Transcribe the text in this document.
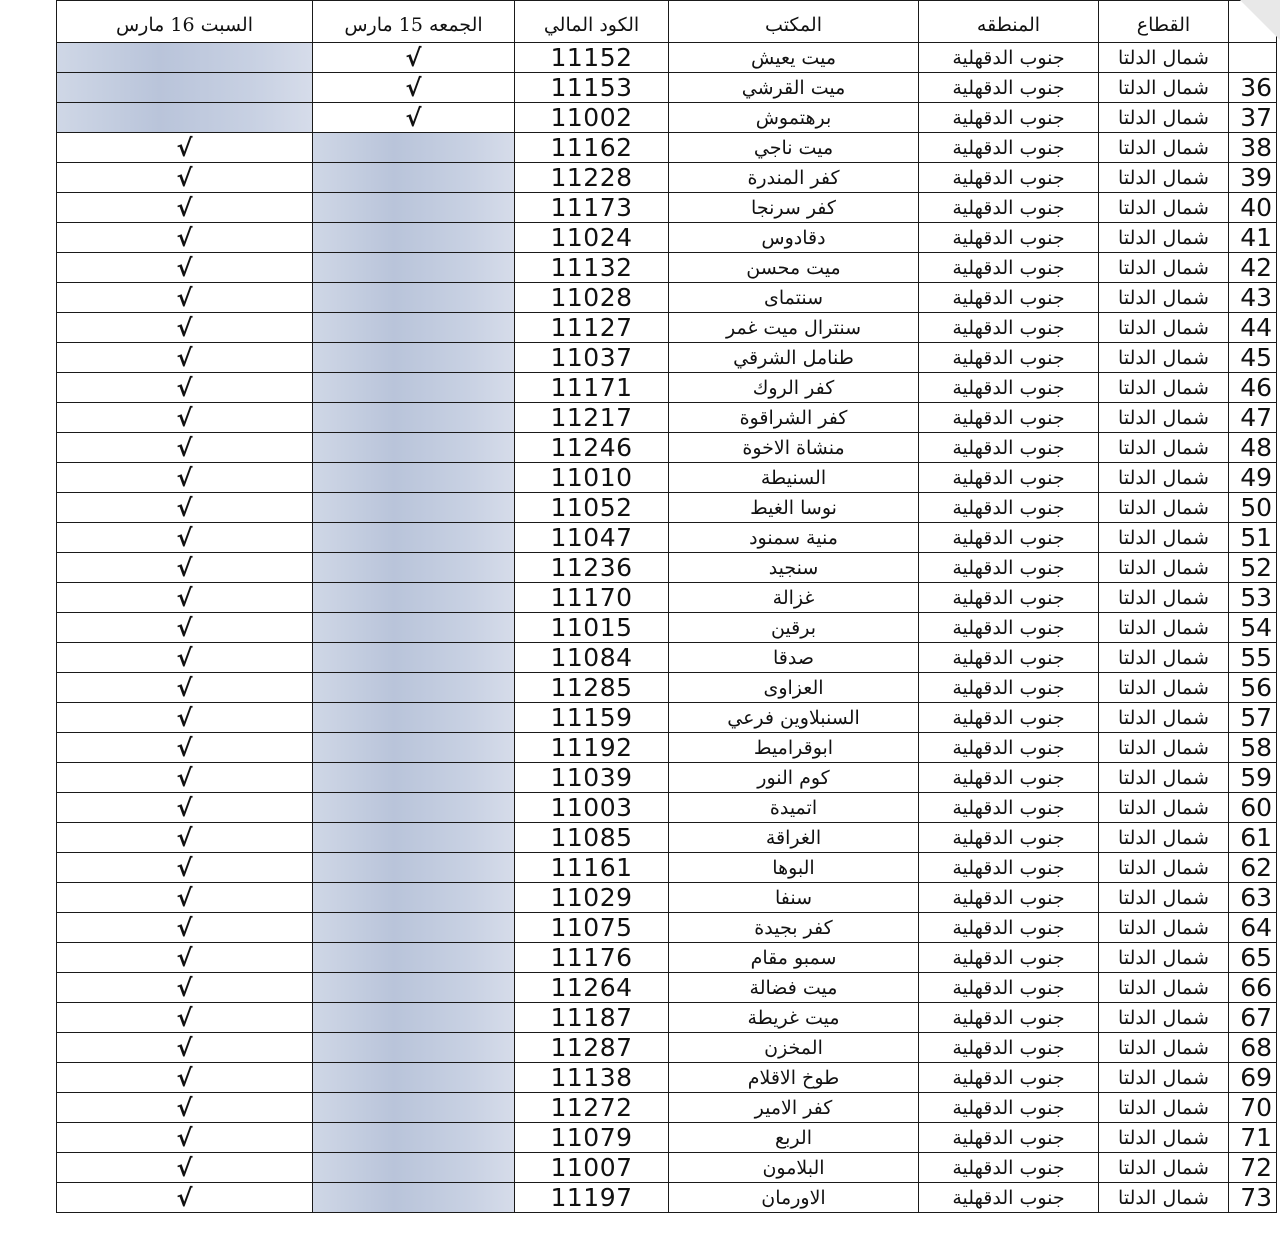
	القطاع	المنطقه	المكتب	الكود المالي	الجمعه 15 مارس	السبت 16 مارس
	شمال الدلتا	جنوب الدقهلية	ميت يعيش	11152	√	
36	شمال الدلتا	جنوب الدقهلية	ميت القرشي	11153	√	
37	شمال الدلتا	جنوب الدقهلية	برهتموش	11002	√	
38	شمال الدلتا	جنوب الدقهلية	ميت ناجي	11162		√
39	شمال الدلتا	جنوب الدقهلية	كفر المندرة	11228		√
40	شمال الدلتا	جنوب الدقهلية	كفر سرنجا	11173		√
41	شمال الدلتا	جنوب الدقهلية	دقادوس	11024		√
42	شمال الدلتا	جنوب الدقهلية	ميت محسن	11132		√
43	شمال الدلتا	جنوب الدقهلية	سنتماى	11028		√
44	شمال الدلتا	جنوب الدقهلية	سنترال ميت غمر	11127		√
45	شمال الدلتا	جنوب الدقهلية	طنامل الشرقي	11037		√
46	شمال الدلتا	جنوب الدقهلية	كفر الروك	11171		√
47	شمال الدلتا	جنوب الدقهلية	كفر الشراقوة	11217		√
48	شمال الدلتا	جنوب الدقهلية	منشاة الاخوة	11246		√
49	شمال الدلتا	جنوب الدقهلية	السنيطة	11010		√
50	شمال الدلتا	جنوب الدقهلية	نوسا الغيط	11052		√
51	شمال الدلتا	جنوب الدقهلية	منية سمنود	11047		√
52	شمال الدلتا	جنوب الدقهلية	سنجيد	11236		√
53	شمال الدلتا	جنوب الدقهلية	غزالة	11170		√
54	شمال الدلتا	جنوب الدقهلية	برقين	11015		√
55	شمال الدلتا	جنوب الدقهلية	صدقا	11084		√
56	شمال الدلتا	جنوب الدقهلية	العزاوى	11285		√
57	شمال الدلتا	جنوب الدقهلية	السنبلاوين فرعي	11159		√
58	شمال الدلتا	جنوب الدقهلية	ابوقراميط	11192		√
59	شمال الدلتا	جنوب الدقهلية	كوم النور	11039		√
60	شمال الدلتا	جنوب الدقهلية	اتميدة	11003		√
61	شمال الدلتا	جنوب الدقهلية	الغراقة	11085		√
62	شمال الدلتا	جنوب الدقهلية	البوها	11161		√
63	شمال الدلتا	جنوب الدقهلية	سنفا	11029		√
64	شمال الدلتا	جنوب الدقهلية	كفر بجيدة	11075		√
65	شمال الدلتا	جنوب الدقهلية	سمبو مقام	11176		√
66	شمال الدلتا	جنوب الدقهلية	ميت فضالة	11264		√
67	شمال الدلتا	جنوب الدقهلية	ميت غريطة	11187		√
68	شمال الدلتا	جنوب الدقهلية	المخزن	11287		√
69	شمال الدلتا	جنوب الدقهلية	طوخ الاقلام	11138		√
70	شمال الدلتا	جنوب الدقهلية	كفر الامير	11272		√
71	شمال الدلتا	جنوب الدقهلية	الربع	11079		√
72	شمال الدلتا	جنوب الدقهلية	البلامون	11007		√
73	شمال الدلتا	جنوب الدقهلية	الاورمان	11197		√
